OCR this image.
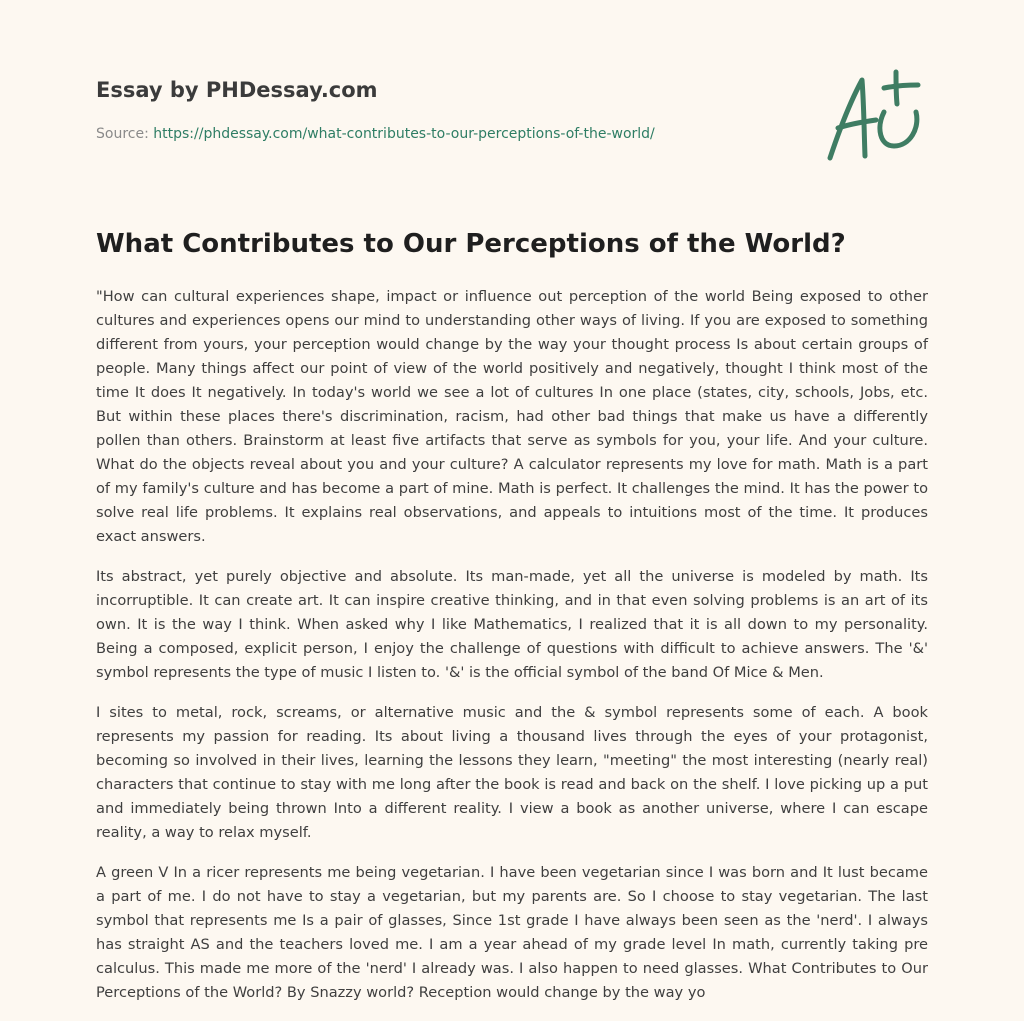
Essay by PHDessay.com
Source: https://phdessay.com/what-contributes-to-our-perceptions-of-the-world/
What Contributes to Our Perceptions of the World?

"How can cultural experiences shape, impact or influence out perception of the world Being exposed to other cultures and experiences opens our mind to understanding other ways of living. If you are exposed to something different from yours, your perception would change by the way your thought process Is about certain groups of people. Many things affect our point of view of the world positively and negatively, thought I think most of the time It does It negatively. In today's world we see a lot of cultures In one place (states, city, schools, Jobs, etc. But within these places there's discrimination, racism, had other bad things that make us have a differently pollen than others. Brainstorm at least five artifacts that serve as symbols for you, your life. And your culture. What do the objects reveal about you and your culture? A calculator represents my love for math. Math is a part of my family's culture and has become a part of mine. Math is perfect. It challenges the mind. It has the power to solve real life problems. It explains real observations, and appeals to intuitions most of the time. It produces exact answers.

Its abstract, yet purely objective and absolute. Its man-made, yet all the universe is modeled by math. Its incorruptible. It can create art. It can inspire creative thinking, and in that even solving problems is an art of its own. It is the way I think. When asked why I like Mathematics, I realized that it is all down to my personality. Being a composed, explicit person, I enjoy the challenge of questions with difficult to achieve answers. The '&' symbol represents the type of music I listen to. '&' is the official symbol of the band Of Mice & Men.

I sites to metal, rock, screams, or alternative music and the & symbol represents some of each. A book represents my passion for reading. Its about living a thousand lives through the eyes of your protagonist, becoming so involved in their lives, learning the lessons they learn, "meeting" the most interesting (nearly real) characters that continue to stay with me long after the book is read and back on the shelf. I love picking up a put and immediately being thrown Into a different reality. I view a book as another universe, where I can escape reality, a way to relax myself.

A green V In a ricer represents me being vegetarian. I have been vegetarian since I was born and It lust became a part of me. I do not have to stay a vegetarian, but my parents are. So I choose to stay vegetarian. The last symbol that represents me Is a pair of glasses, Since 1st grade I have always been seen as the 'nerd'. I always has straight AS and the teachers loved me. I am a year ahead of my grade level In math, currently taking pre calculus. This made me more of the 'nerd' I already was. I also happen to need glasses. What Contributes to Our Perceptions of the World? By Snazzy world? Reception would change by the way yo
